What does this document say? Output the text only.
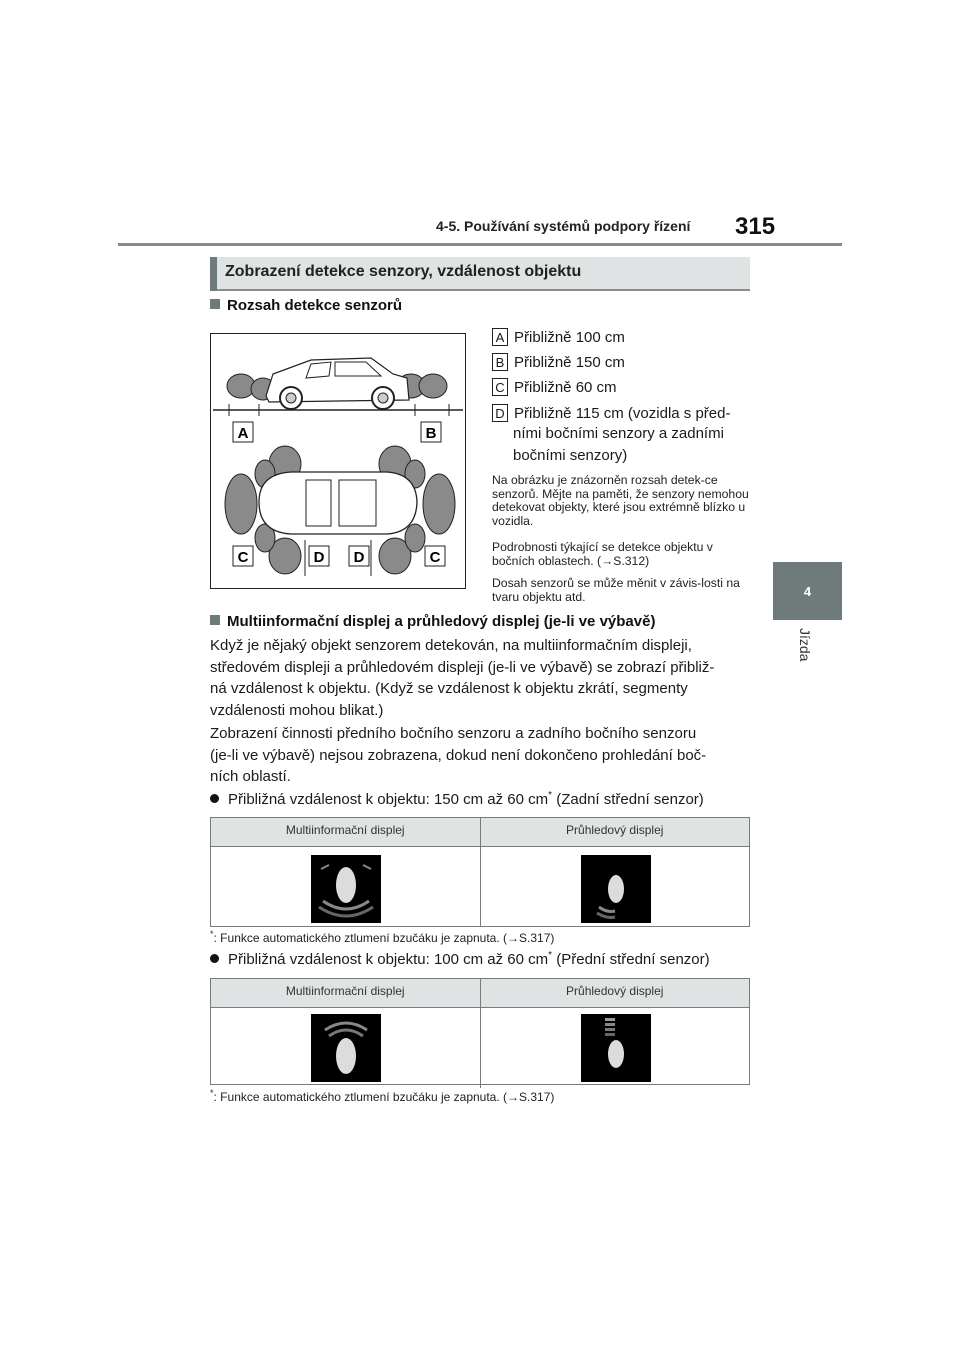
4-5. Používání systémů podpory řízení 315
4
Jízda
Zobrazení detekce senzory, vzdálenost objektu
Rozsah detekce senzorů
A	B
C	D D	C
A Přibližně 100 cm
B Přibližně 150 cm
C Přibližně 60 cm
D Přibližně 115 cm (vozidla s před-
ními bočními senzory a zadními
bočními senzory)
Na obrázku je znázorněn rozsah detek-ce senzorů. Mějte na paměti, že senzory nemohou detekovat objekty, které jsou extrémně blízko u vozidla.
Podrobnosti týkající se detekce objektu v bočních oblastech. (→S.312)
Dosah senzorů se může měnit v závis-losti na tvaru objektu atd.
Multiinformační displej a průhledový displej (je-li ve výbavě)
Když je nějaký objekt senzorem detekován, na multiinformačním displeji,
středovém displeji a průhledovém displeji (je-li ve výbavě) se zobrazí přibliž-
ná vzdálenost k objektu. (Když se vzdálenost k objektu zkrátí, segmenty
vzdálenosti mohou blikat.)
Zobrazení činnosti předního bočního senzoru a zadního bočního senzoru
(je-li ve výbavě) nejsou zobrazena, dokud není dokončeno prohledání boč-
ních oblastí.
Přibližná vzdálenost k objektu: 150 cm až 60 cm* (Zadní střední senzor)
Multiinformační displej	Průhledový displej
*: Funkce automatického ztlumení bzučáku je zapnuta. (→S.317)
Přibližná vzdálenost k objektu: 100 cm až 60 cm* (Přední střední senzor)
Multiinformační displej	Průhledový displej
*: Funkce automatického ztlumení bzučáku je zapnuta. (→S.317)
